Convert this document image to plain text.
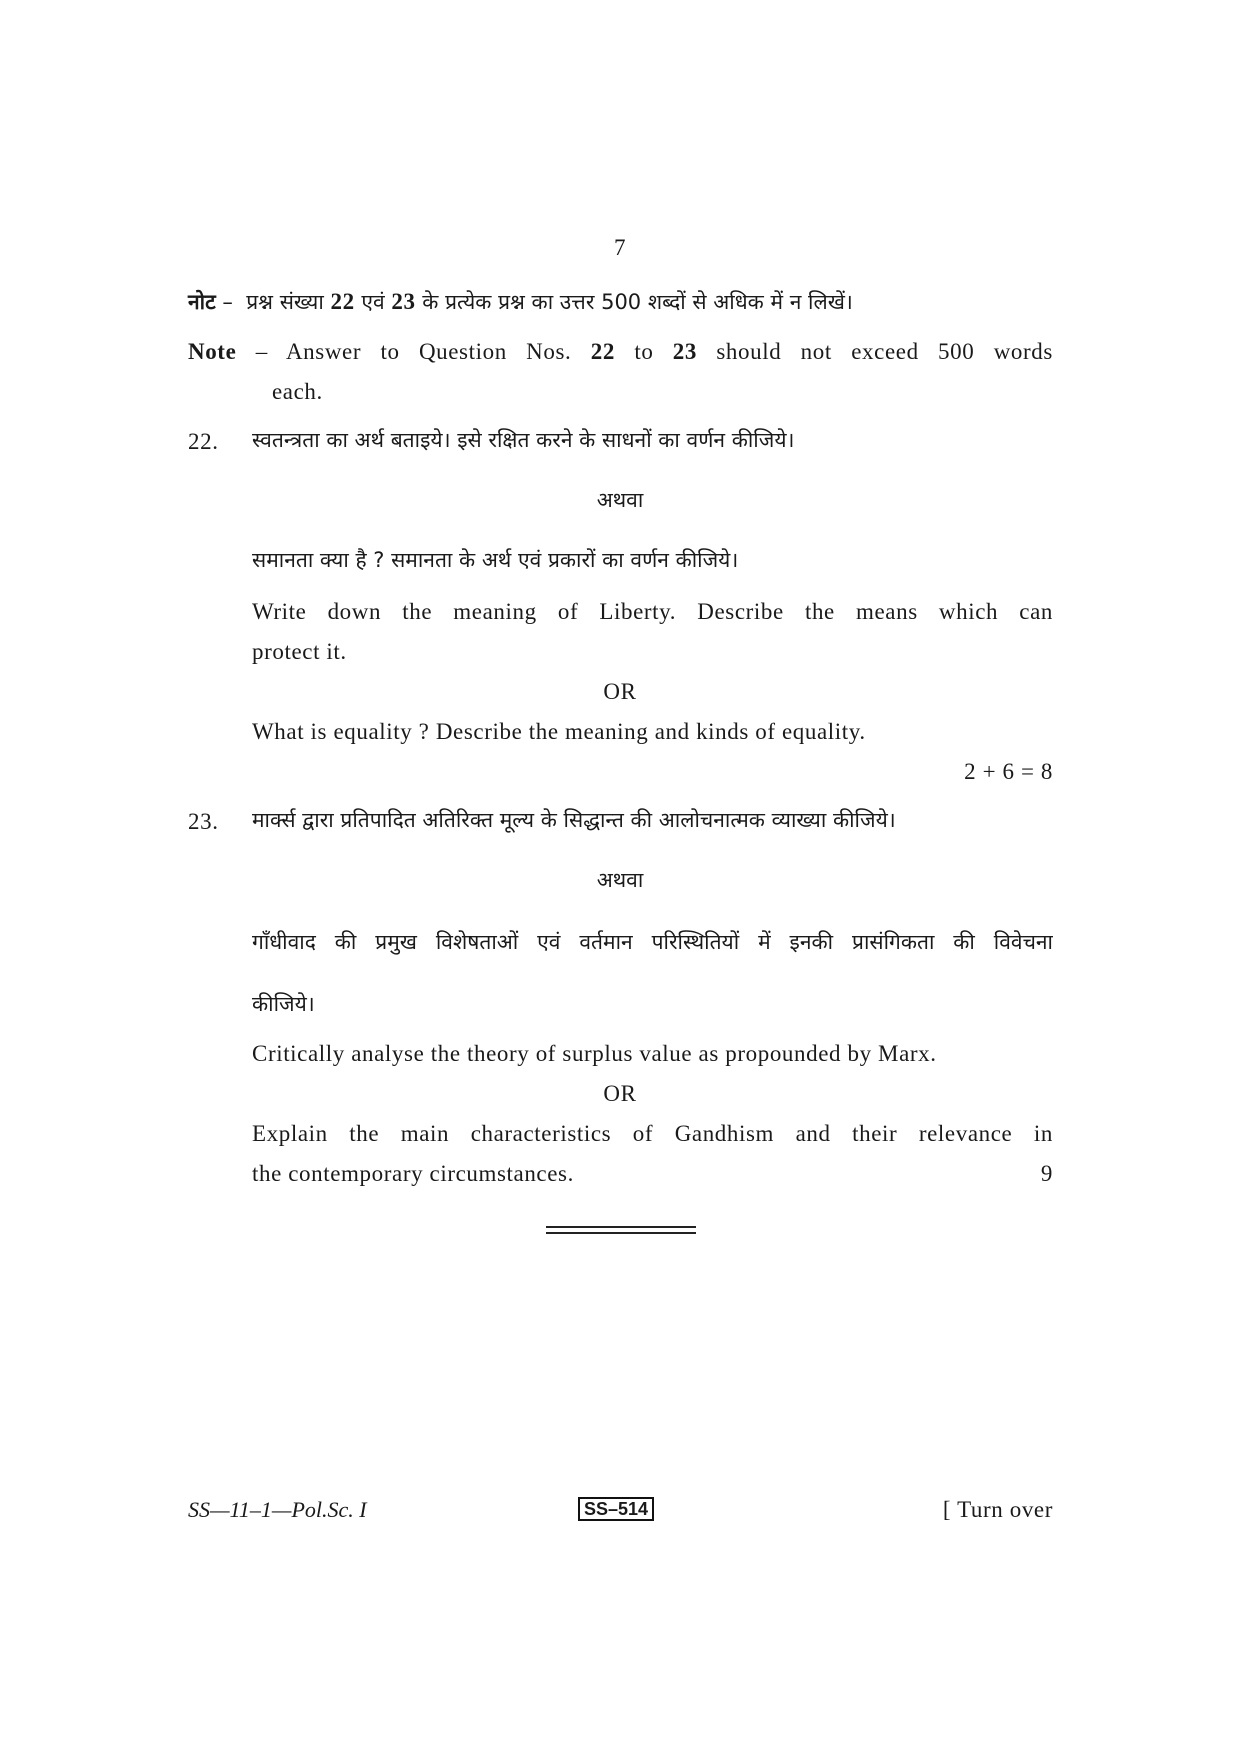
7
नोट – प्रश्न संख्या 22 एवं 23 के प्रत्येक प्रश्न का उत्तर 500 शब्दों से अधिक में न लिखें।
Note – Answer to Question Nos. 22 to 23 should not exceed 500 words
each.
22. स्वतन्त्रता का अर्थ बताइये। इसे रक्षित करने के साधनों का वर्णन कीजिये।
अथवा
समानता क्या है ? समानता के अर्थ एवं प्रकारों का वर्णन कीजिये।
Write down the meaning of Liberty. Describe the means which can
protect it.
OR
What is equality ? Describe the meaning and kinds of equality.
2 + 6 = 8
23. मार्क्स द्वारा प्रतिपादित अतिरिक्त मूल्य के सिद्धान्त की आलोचनात्मक व्याख्या कीजिये।
अथवा
गाँधीवाद की प्रमुख विशेषताओं एवं वर्तमान परिस्थितियों में इनकी प्रासंगिकता की विवेचना
कीजिये।
Critically analyse the theory of surplus value as propounded by Marx.
OR
Explain the main characteristics of Gandhism and their relevance in
the contemporary circumstances.	9
SS—11–1—Pol.Sc. I	SS–514	[ Turn over
